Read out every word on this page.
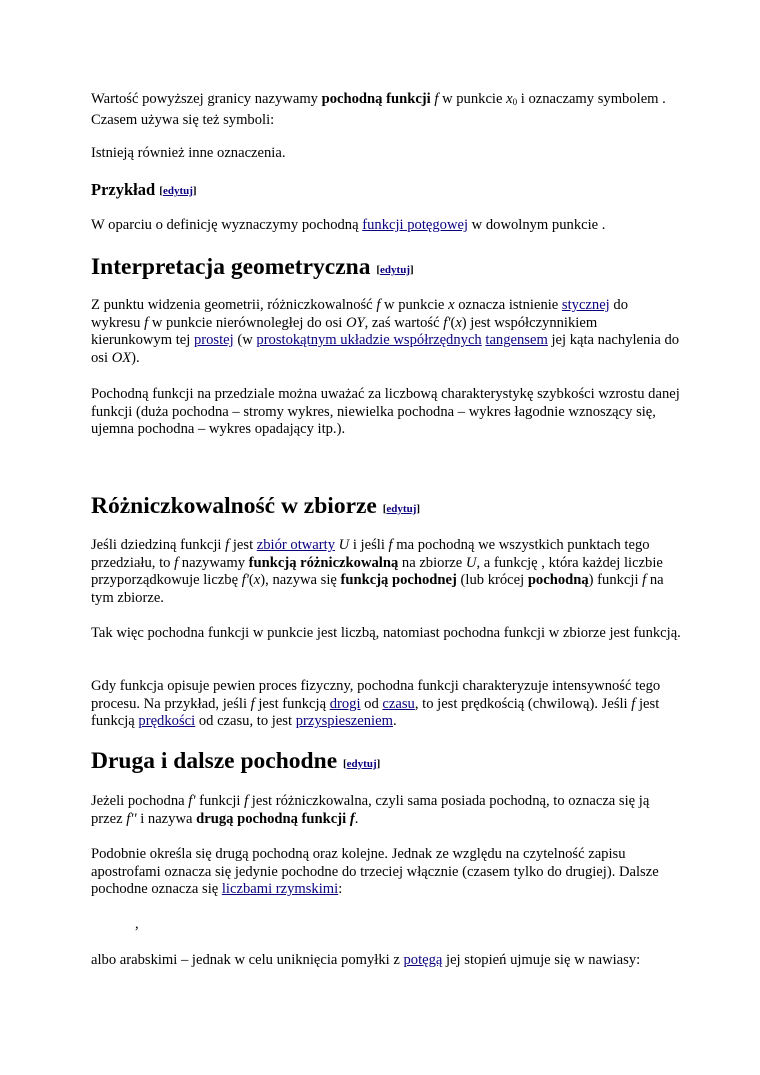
Wartość powyższej granicy nazywamy pochodną funkcji f w punkcie $x_0$ i oznaczamy symbolem . Czasem używa się też symboli:

Istnieją również inne oznaczenia.

Przykład [edytuj]

W oparciu o definicję wyznaczymy pochodną funkcji potęgowej w dowolnym punkcie .

Interpretacja geometryczna [edytuj]

Z punktu widzenia geometrii, różniczkowalność f w punkcie x oznacza istnienie stycznej do wykresu f w punkcie nierównoległej do osi OY, zaś wartość f'(x) jest współczynnikiem kierunkowym tej prostej (w prostokątnym układzie współrzędnych tangensem jej kąta nachylenia do osi OX).

Pochodną funkcji na przedziale można uważać za liczbową charakterystykę szybkości wzrostu danej funkcji (duża pochodna – stromy wykres, niewielka pochodna – wykres łagodnie wznoszący się, ujemna pochodna – wykres opadający itp.).

Różniczkowalność w zbiorze [edytuj]

Jeśli dziedziną funkcji f jest zbiór otwarty U i jeśli f ma pochodną we wszystkich punktach tego przedziału, to f nazywamy funkcją różniczkowalną na zbiorze U, a funkcję , która każdej liczbie przyporządkowuje liczbę f'(x), nazywa się funkcją pochodnej (lub krócej pochodną) funkcji f na tym zbiorze.

Tak więc pochodna funkcji w punkcie jest liczbą, natomiast pochodna funkcji w zbiorze jest funkcją.

Gdy funkcja opisuje pewien proces fizyczny, pochodna funkcji charakteryzuje intensywność tego procesu. Na przykład, jeśli f jest funkcją drogi od czasu, to jest prędkością (chwilową). Jeśli f jest funkcją prędkości od czasu, to jest przyspieszeniem.

Druga i dalsze pochodne [edytuj]

Jeżeli pochodna f' funkcji f jest różniczkowalna, czyli sama posiada pochodną, to oznacza się ją przez f'' i nazywa drugą pochodną funkcji f.

Podobnie określa się drugą pochodną oraz kolejne. Jednak ze względu na czytelność zapisu apostrofami oznacza się jedynie pochodne do trzeciej włącznie (czasem tylko do drugiej). Dalsze pochodne oznacza się liczbami rzymskimi:

,

albo arabskimi – jednak w celu uniknięcia pomyłki z potęgą jej stopień ujmuje się w nawiasy:
